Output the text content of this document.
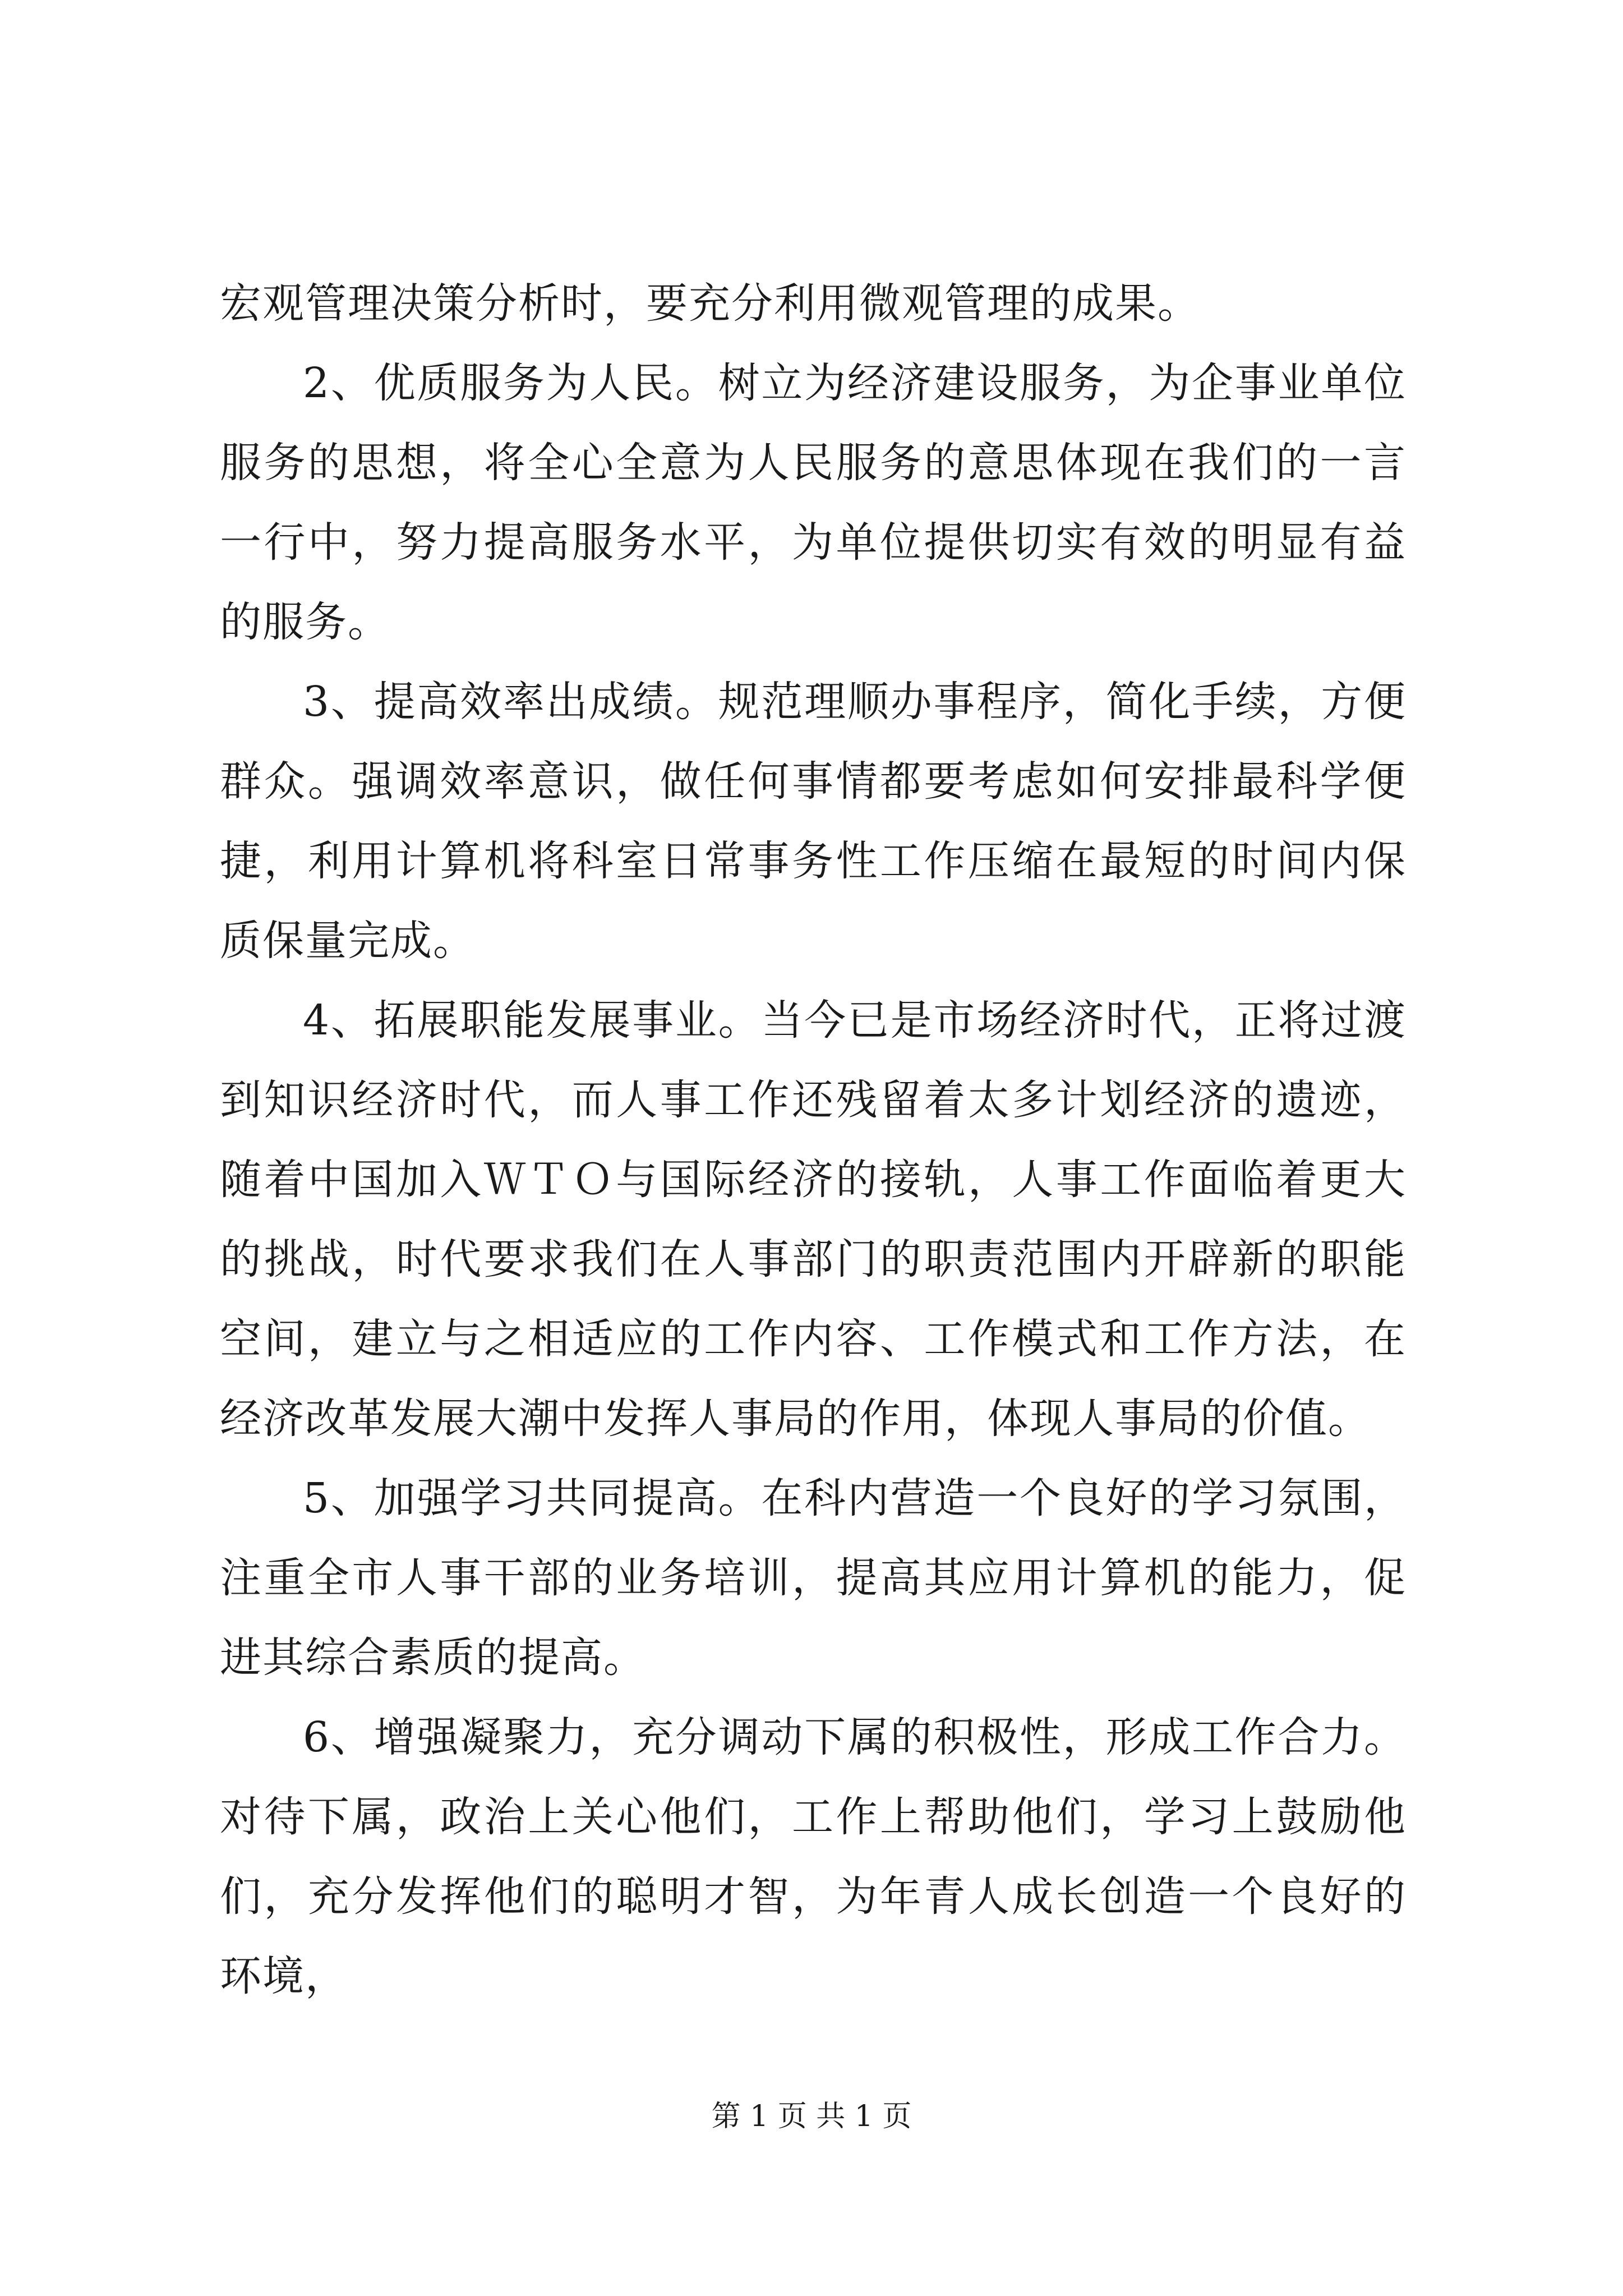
宏观管理决策分析时，要充分利用微观管理的成果。

2、优质服务为人民。树立为经济建设服务，为企事业单位服务的思想，将全心全意为人民服务的意思体现在我们的一言一行中，努力提高服务水平，为单位提供切实有效的明显有益的服务。

3、提高效率出成绩。规范理顺办事程序，简化手续，方便群众。强调效率意识，做任何事情都要考虑如何安排最科学便捷，利用计算机将科室日常事务性工作压缩在最短的时间内保质保量完成。

4、拓展职能发展事业。当今已是市场经济时代，正将过渡到知识经济时代，而人事工作还残留着太多计划经济的遗迹，随着中国加入ＷＴＯ与国际经济的接轨，人事工作面临着更大的挑战，时代要求我们在人事部门的职责范围内开辟新的职能空间，建立与之相适应的工作内容、工作模式和工作方法，在经济改革发展大潮中发挥人事局的作用，体现人事局的价值。

5、加强学习共同提高。在科内营造一个良好的学习氛围，注重全市人事干部的业务培训，提高其应用计算机的能力，促进其综合素质的提高。

6、增强凝聚力，充分调动下属的积极性，形成工作合力。对待下属，政治上关心他们，工作上帮助他们，学习上鼓励他们，充分发挥他们的聪明才智，为年青人成长创造一个良好的环境，

第 1 页 共 1 页
